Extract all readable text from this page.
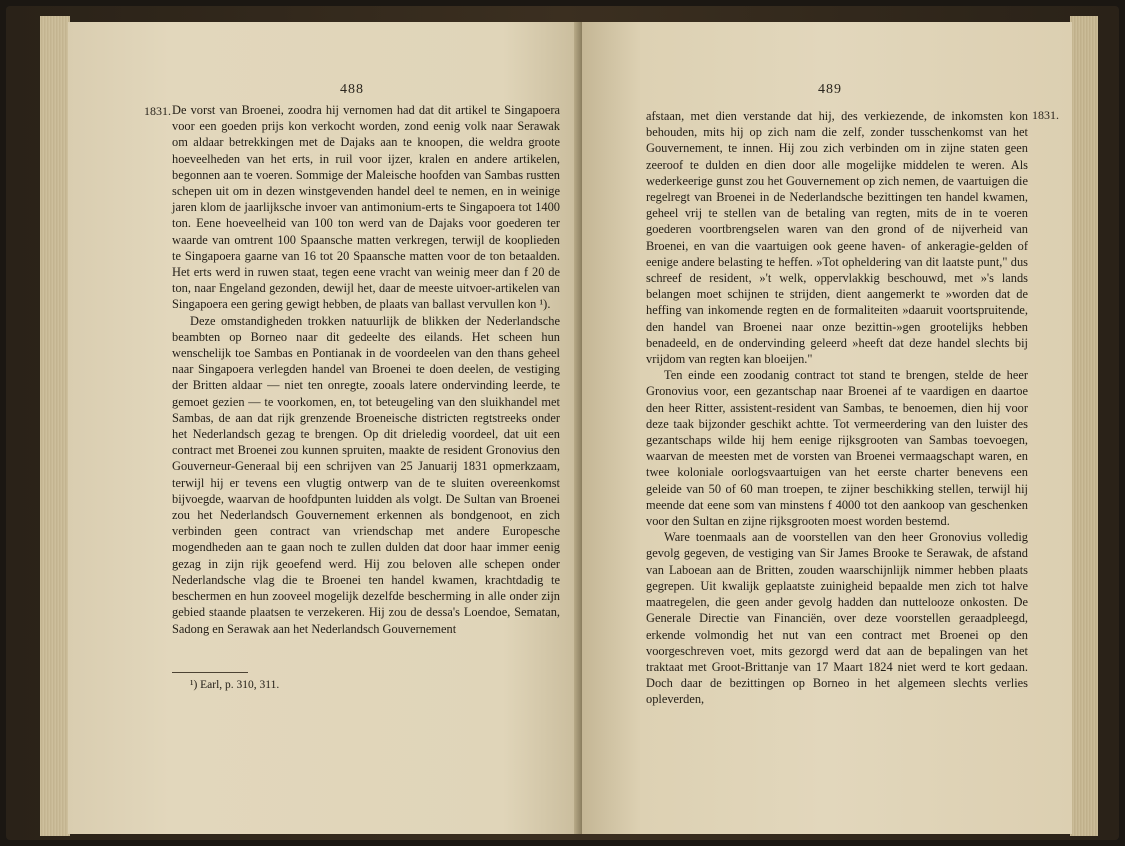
488
1831. De vorst van Broenei, zoodra hij vernomen had dat dit artikel te Singapoera voor een goeden prijs kon verkocht worden, zond eenig volk naar Serawak om aldaar betrekkingen met de Dajaks aan te knoopen, die weldra groote hoeveelheden van het erts, in ruil voor ijzer, kralen en andere artikelen, begonnen aan te voeren. Sommige der Maleische hoofden van Sambas rustten schepen uit om in dezen winstgevenden handel deel te nemen, en in weinige jaren klom de jaarlijksche invoer van antimonium-erts te Singapoera tot 1400 ton. Eene hoeveelheid van 100 ton werd van de Dajaks voor goederen ter waarde van omtrent 100 Spaansche matten verkregen, terwijl de kooplieden te Singapoera gaarne van 16 tot 20 Spaansche matten voor de ton betaalden. Het erts werd in ruwen staat, tegen eene vracht van weinig meer dan f 20 de ton, naar Engeland gezonden, dewijl het, daar de meeste uitvoer-artikelen van Singapoera een gering gewigt hebben, de plaats van ballast vervullen kon ¹).

Deze omstandigheden trokken natuurlijk de blikken der Nederlandsche beambten op Borneo naar dit gedeelte des eilands. Het scheen hun wenschelijk toe Sambas en Pontianak in de voordeelen van den thans geheel naar Singapoera verlegden handel van Broenei te doen deelen, de vestiging der Britten aldaar — niet ten onregte, zooals latere ondervinding leerde, te gemoet gezien — te voorkomen, en, tot beteugeling van den sluikhandel met Sambas, de aan dat rijk grenzende Broeneische districten regtstreeks onder het Nederlandsch gezag te brengen. Op dit drieledig voordeel, dat uit een contract met Broenei zou kunnen spruiten, maakte de resident Gronovius den Gouverneur-Generaal bij een schrijven van 25 Januarij 1831 opmerkzaam, terwijl hij er tevens een vlugtig ontwerp van de te sluiten overeenkomst bijvoegde, waarvan de hoofdpunten luidden als volgt. De Sultan van Broenei zou het Nederlandsch Gouvernement erkennen als bondgenoot, en zich verbinden geen contract van vriendschap met andere Europesche mogendheden aan te gaan noch te zullen dulden dat door haar immer eenig gezag in zijn rijk geoefend werd. Hij zou beloven alle schepen onder Nederlandsche vlag die te Broenei ten handel kwamen, krachtdadig te beschermen en hun zooveel mogelijk dezelfde bescherming in alle onder zijn gebied staande plaatsen te verzekeren. Hij zou de dessa's Loendoe, Sematan, Sadong en Serawak aan het Nederlandsch Gouvernement

¹) Earl, p. 310, 311.
489
1831.

afstaan, met dien verstande dat hij, des verkiezende, de inkomsten kon behouden, mits hij op zich nam die zelf, zonder tusschenkomst van het Gouvernement, te innen. Hij zou zich verbinden om in zijne staten geen zeeroof te dulden en dien door alle mogelijke middelen te weren. Als wederkeerige gunst zou het Gouvernement op zich nemen, de vaartuigen die regelregt van Broenei in de Nederlandsche bezittingen ten handel kwamen, geheel vrij te stellen van de betaling van regten, mits de in te voeren goederen voortbrengselen waren van den grond of de nijverheid van Broenei, en van die vaartuigen ook geene haven- of ankeragie-gelden of eenige andere belasting te heffen. »Tot opheldering van dit laatste punt," dus schreef de resident, »'t welk, oppervlakkig beschouwd, met »'s lands belangen moet schijnen te strijden, dient aangemerkt te »worden dat de heffing van inkomende regten en de formaliteiten »daaruit voortspruitende, den handel van Broenei naar onze bezittin-»gen grootelijks hebben benadeeld, en de ondervinding geleerd »heeft dat deze handel slechts bij vrijdom van regten kan bloeijen."

Ten einde een zoodanig contract tot stand te brengen, stelde de heer Gronovius voor, een gezantschap naar Broenei af te vaardigen en daartoe den heer Ritter, assistent-resident van Sambas, te benoemen, dien hij voor deze taak bijzonder geschikt achtte. Tot vermeerdering van den luister des gezantschaps wilde hij hem eenige rijksgrooten van Sambas toevoegen, waarvan de meesten met de vorsten van Broenei vermaagschapt waren, en twee koloniale oorlogsvaartuigen van het eerste charter benevens een geleide van 50 of 60 man troepen, te zijner beschikking stellen, terwijl hij meende dat eene som van minstens f 4000 tot den aankoop van geschenken voor den Sultan en zijne rijksgrooten moest worden bestemd.

Ware toenmaals aan de voorstellen van den heer Gronovius volledig gevolg gegeven, de vestiging van Sir James Brooke te Serawak, de afstand van Laboean aan de Britten, zouden waarschijnlijk nimmer hebben plaats gegrepen. Uit kwalijk geplaatste zuinigheid bepaalde men zich tot halve maatregelen, die geen ander gevolg hadden dan nuttelooze onkosten. De Generale Directie van Financiën, over deze voorstellen geraadpleegd, erkende volmondig het nut van een contract met Broenei op den voorgeschreven voet, mits gezorgd werd dat aan de bepalingen van het traktaat met Groot-Brittanje van 17 Maart 1824 niet werd te kort gedaan. Doch daar de bezittingen op Borneo in het algemeen slechts verlies opleverden,
